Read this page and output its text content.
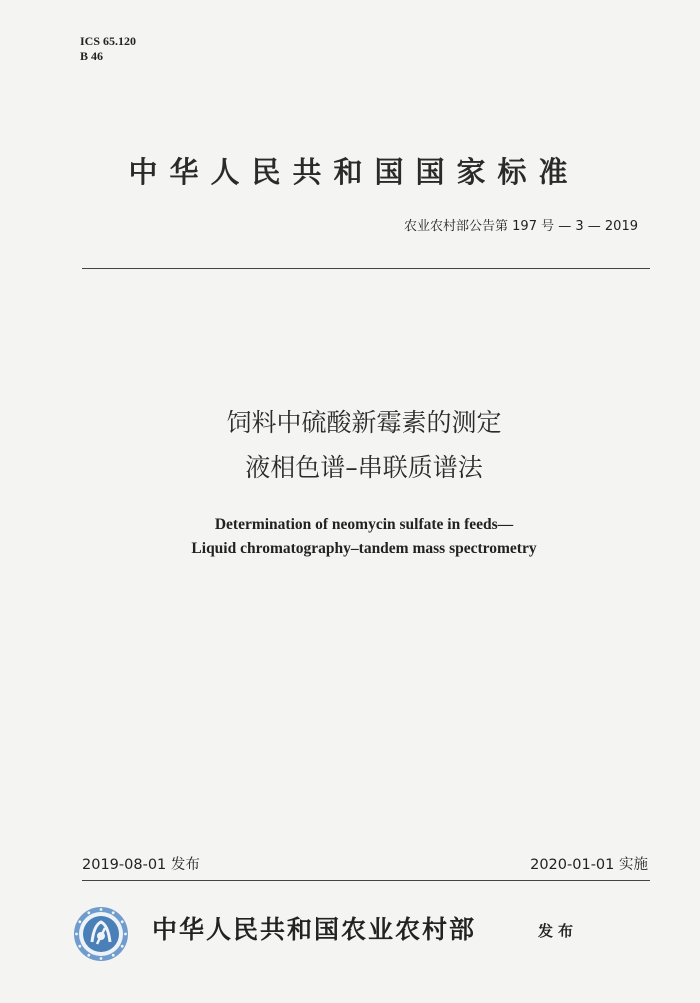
ICS 65.120
B 46
中华人民共和国国家标准
农业农村部公告第 197 号 — 3 — 2019
饲料中硫酸新霉素的测定
液相色谱–串联质谱法
Determination of neomycin sulfate in feeds—
Liquid chromatography–tandem mass spectrometry
2019-08-01 发布	2020-01-01 实施
中华人民共和国农业农村部	发布
